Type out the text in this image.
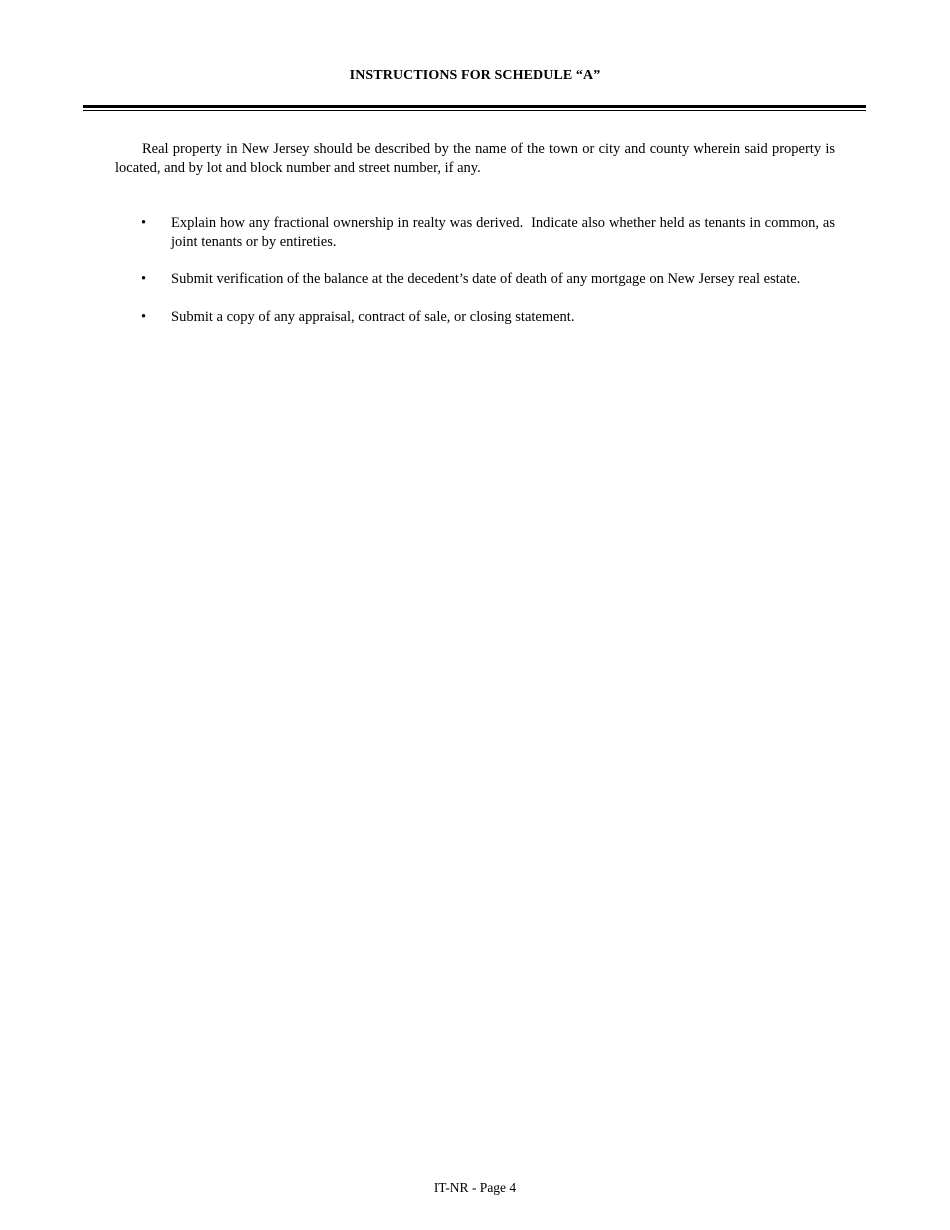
INSTRUCTIONS FOR SCHEDULE “A”

Real property in New Jersey should be described by the name of the town or city and county wherein said property is located, and by lot and block number and street number, if any.

• Explain how any fractional ownership in realty was derived.  Indicate also whether held as tenants in common, as joint tenants or by entireties.
• Submit verification of the balance at the decedent’s date of death of any mortgage on New Jersey real estate.
• Submit a copy of any appraisal, contract of sale, or closing statement.
IT-NR - Page 4
